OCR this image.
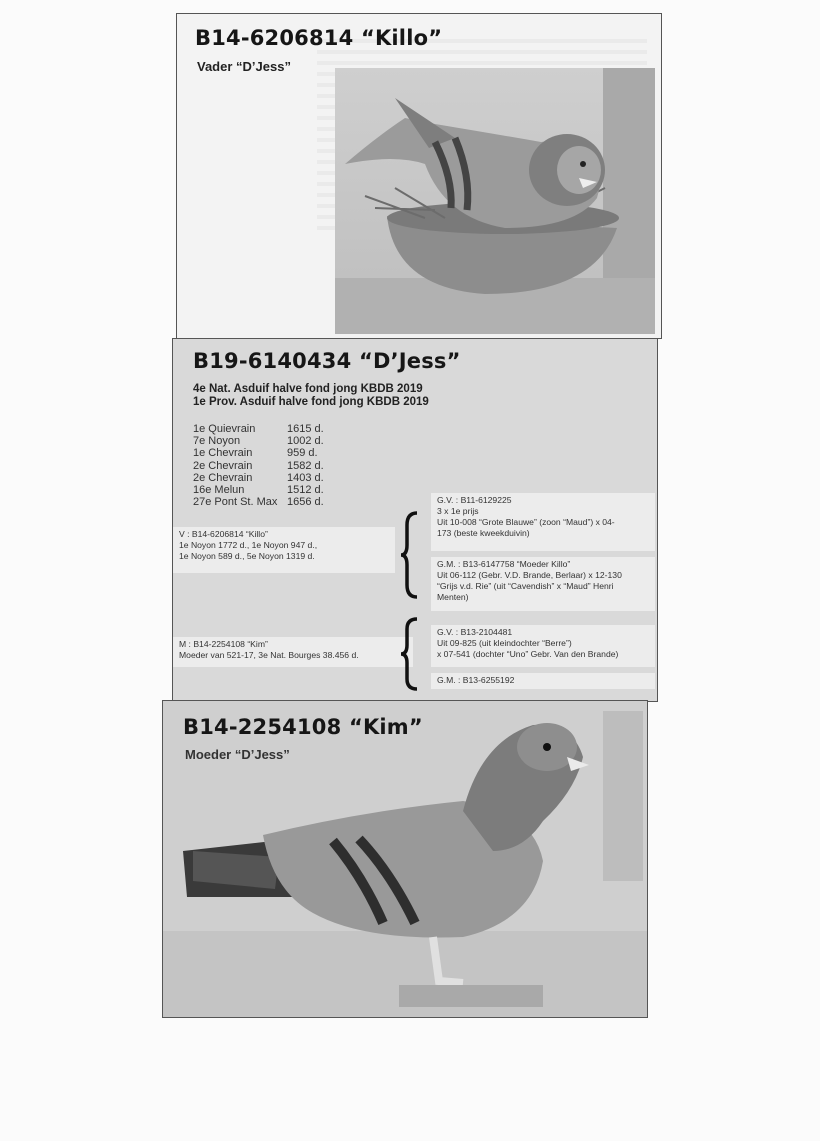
B14-6206814 “Killo”
Vader “D’Jess”
B19-6140434 “D’Jess”
4e Nat. Asduif halve fond jong KBDB 2019
1e Prov. Asduif halve fond jong KBDB 2019
1e Quievrain	1615 d.
7e Noyon	1002 d.
1e Chevrain	959 d.
2e Chevrain	1582 d.
2e Chevrain	1403 d.
16e Melun	1512 d.
27e Pont St. Max 1656 d.
V : B14-6206814 “Killo”
1e Noyon 1772 d., 1e Noyon 947 d.,
1e Noyon 589 d., 5e Noyon 1319 d.
G.V. : B11-6129225
3 x 1e prijs
Uit 10-008 “Grote Blauwe” (zoon “Maud”) x 04-
173 (beste kweekduivin)
G.M. : B13-6147758 “Moeder Killo”
Uit 06-112 (Gebr. V.D. Brande, Berlaar) x 12-130
“Grijs v.d. Rie” (uit “Cavendish” x “Maud” Henri
Menten)
M : B14-2254108 “Kim”
Moeder van 521-17, 3e Nat. Bourges 38.456 d.
G.V. : B13-2104481
Uit 09-825 (uit kleindochter “Berre”)
x 07-541 (dochter “Uno” Gebr. Van den Brande)
G.M. : B13-6255192
B14-2254108 “Kim”
Moeder “D’Jess”
